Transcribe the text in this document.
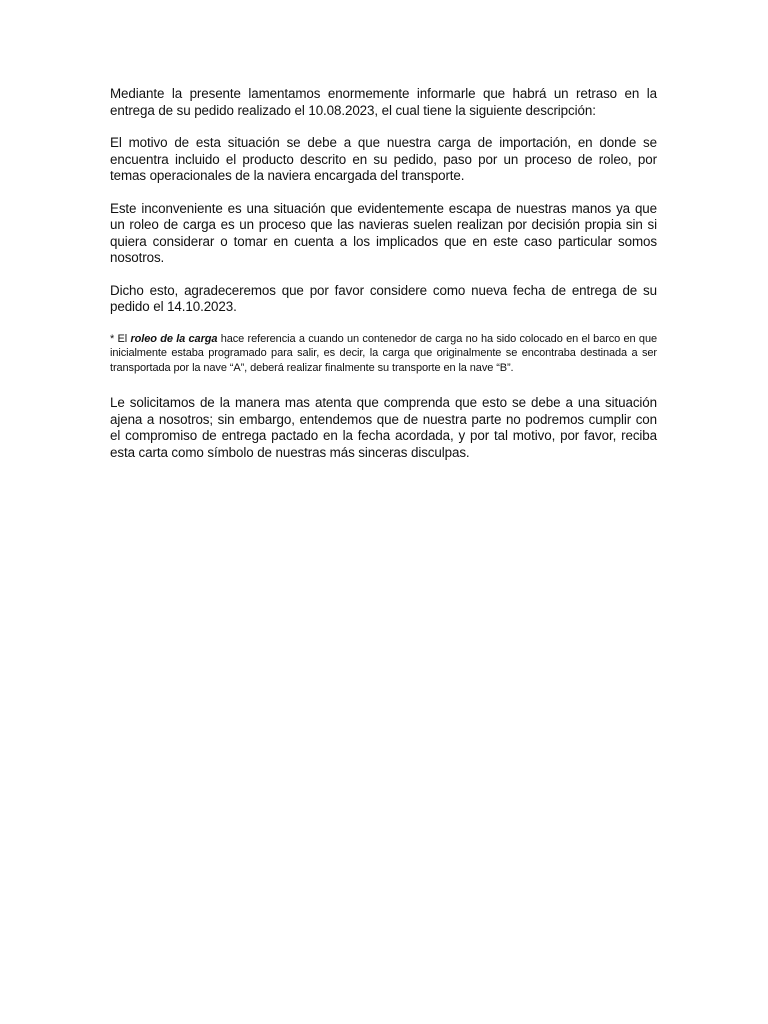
Mediante la presente lamentamos enormemente informarle que habrá un retraso en la entrega de su pedido realizado el 10.08.2023, el cual tiene la siguiente descripción:

El motivo de esta situación se debe a que nuestra carga de importación, en donde se encuentra incluido el producto descrito en su pedido, paso por un proceso de roleo, por temas operacionales de la naviera encargada del transporte.

Este inconveniente es una situación que evidentemente escapa de nuestras manos ya que un roleo de carga es un proceso que las navieras suelen realizan por decisión propia sin si quiera considerar o tomar en cuenta a los implicados que en este caso particular somos nosotros.

Dicho esto, agradeceremos que por favor considere como nueva fecha de entrega de su pedido el 14.10.2023.

* El roleo de la carga hace referencia a cuando un contenedor de carga no ha sido colocado en el barco en que inicialmente estaba programado para salir, es decir, la carga que originalmente se encontraba destinada a ser transportada por la nave “A”, deberá realizar finalmente su transporte en la nave “B”.

Le solicitamos de la manera mas atenta que comprenda que esto se debe a una situación ajena a nosotros; sin embargo, entendemos que de nuestra parte no podremos cumplir con el compromiso de entrega pactado en la fecha acordada, y por tal motivo, por favor, reciba esta carta como símbolo de nuestras más sinceras disculpas.
